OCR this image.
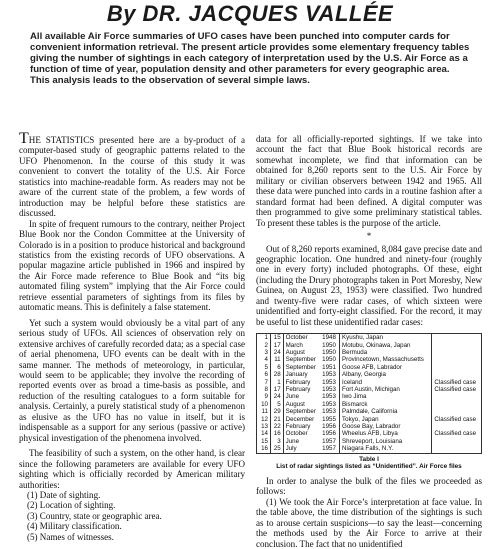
By DR. JACQUES VALLÉE
All available Air Force summaries of UFO cases have been punched into computer cards for convenient information retrieval. The present article provides some elementary frequency tables giving the number of sightings in each category of interpretation used by the U.S. Air Force as a function of time of year, population density and other parameters for every geographic area. This analysis leads to the observation of several simple laws.

THE STATISTICS presented here are a by-product of a computer-based study of geographic patterns related to the UFO Phenomenon. In the course of this study it was convenient to convert the totality of the U.S. Air Force statistics into machine-readable form. As readers may not be aware of the current state of the problem, a few words of introduction may be helpful before these statistics are discussed.

In spite of frequent rumours to the contrary, neither Project Blue Book nor the Condon Committee at the University of Colorado is in a position to produce historical and background statistics from the existing records of UFO observations. A popular magazine article published in 1966 and inspired by the Air Force made reference to Blue Book and “its big automated filing system” implying that the Air Force could retrieve essential parameters of sightings from its files by automatic means. This is definitely a false statement.

Yet such a system would obviously be a vital part of any serious study of UFOs. All sciences of observation rely on extensive archives of carefully recorded data; as a special case of aerial phenomena, UFO events can be dealt with in the same manner. The methods of meteorology, in particular, would seem to be applicable; they involve the recording of reported events over as broad a time-basis as possible, and reduction of the resulting catalogues to a form suitable for analysis. Certainly, a purely statistical study of a phenomenon as elusive as the UFO has no value in itself, but it is indispensable as a support for any serious (passive or active) physical investigation of the phenomena involved.

The feasibility of such a system, on the other hand, is clear since the following parameters are available for every UFO sighting which is officially recorded by American military authorities:

(1) Date of sighting.
(2) Location of sighting.
(3) Country, state or geographic area.
(4) Military classification.
(5) Names of witnesses.

data for all officially-reported sightings. If we take into account the fact that Blue Book historical records are somewhat incomplete, we find that information can be obtained for 8,260 reports sent to the U.S. Air Force by military or civilian observers between 1942 and 1965. All these data were punched into cards in a routine fashion after a standard format had been defined. A digital computer was then programmed to give some preliminary statistical tables. To present these tables is the purpose of the article.

*

Out of 8,260 reports examined, 8,084 gave precise date and geographic location. One hundred and ninety-four (roughly one in every forty) included photographs. Of these, eight (including the Drury photographs taken in Port Moresby, New Guinea, on August 23, 1953) were classified. Two hundred and twenty-five were radar cases, of which sixteen were unidentified and forty-eight classified. For the record, it may be useful to list these unidentified radar cases:

1	15	October	1948	Kyushu, Japan	
2	17	March	1950	Motubu, Okinawa, Japan	
3	24	August	1950	Bermuda	
4	11	September	1950	Provincetown, Massachusetts	
5	6	September	1951	Goose AFB, Labrador	
6	28	January	1953	Albany, Georgia	
7	1	February	1953	Iceland	Classified case
8	17	February	1953	Fort Austin, Michigan	Classified case
9	24	June	1953	Iwo Jima	
10	5	August	1953	Bismarck	
11	29	September	1953	Palmdale, California	
12	21	December	1955	Tokyo, Japan	Classified case
13	22	February	1956	Goose Bay, Labrador	
14	16	October	1956	Wheelus AFB, Libya	Classified case
15	3	June	1957	Shreveport, Louisiana	
16	25	July	1957	Niagara Falls, N.Y.	
Table I
List of radar sightings listed as “Unidentified”. Air Force files

In order to analyse the bulk of the files we proceeded as follows:

(1) We took the Air Force’s interpretation at face value. In the table above, the time distribution of the sightings is such as to arouse certain suspicions—to say the least—concerning the methods used by the Air Force to arrive at their conclusion. The fact that no unidentified
